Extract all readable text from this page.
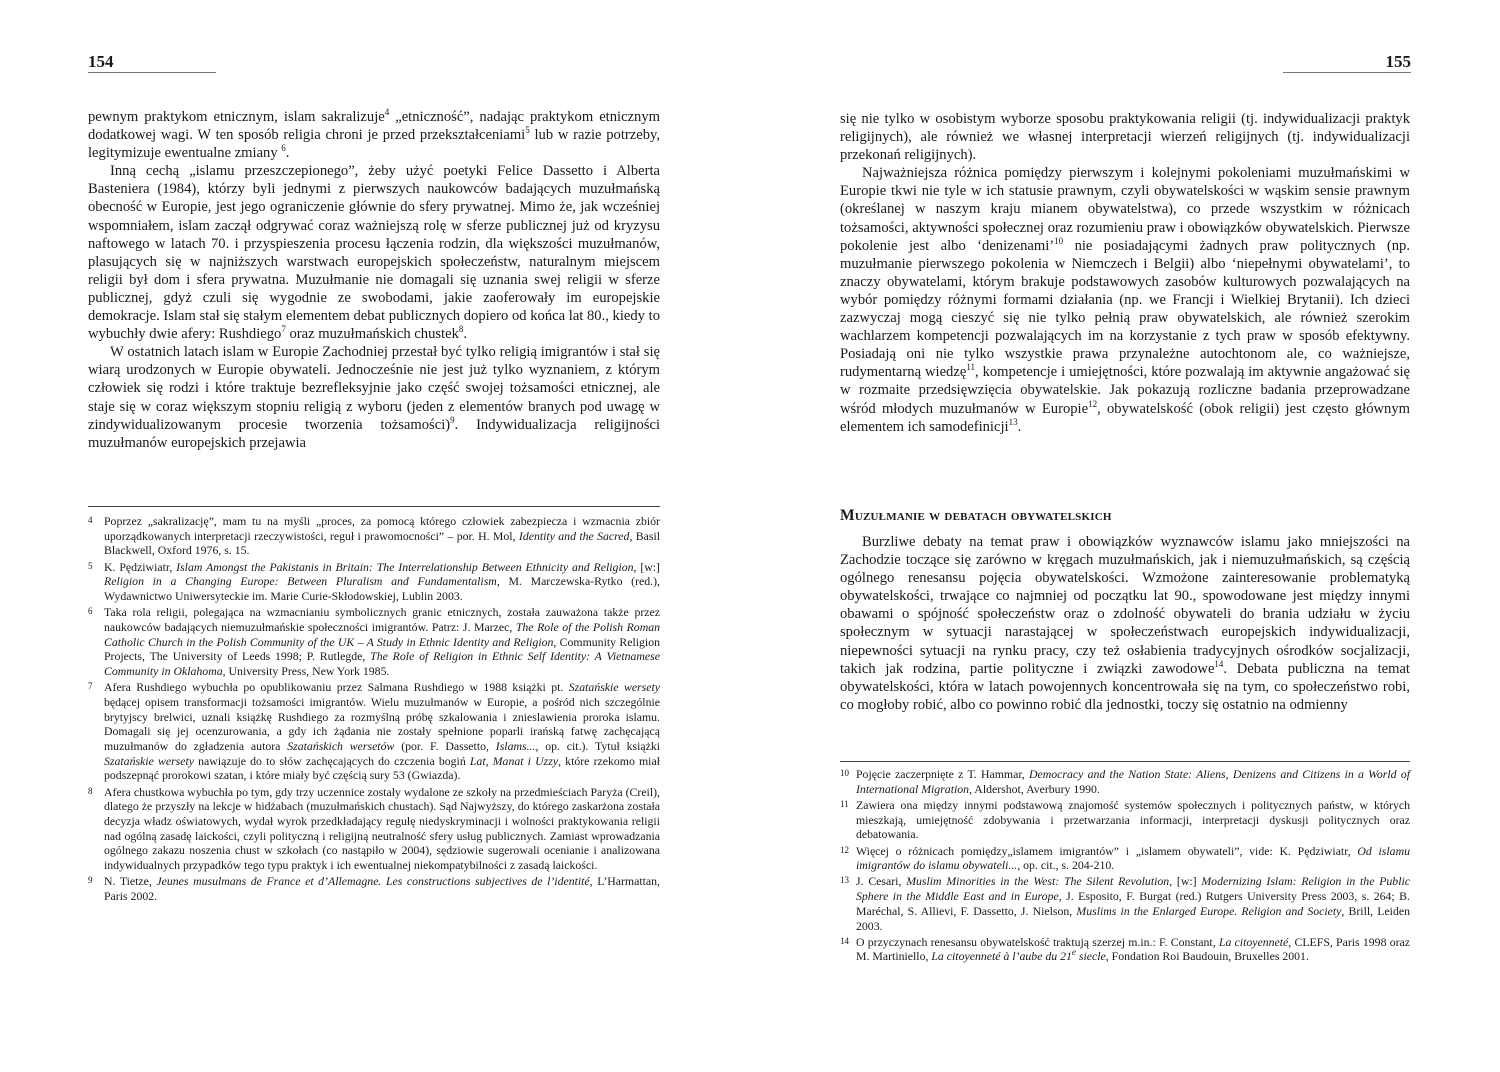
154

pewnym praktykom etnicznym, islam sakralizuje$^4$ „etniczność”, nadając praktykom etnicznym dodatkowej wagi. W ten sposób religia chroni je przed przekształceniami$^5$ lub w razie potrzeby, legitymizuje ewentualne zmiany $^6$.

Inną cechą „islamu przeszczepionego”, żeby użyć poetyki Felice Dassetto i Alberta Basteniera (1984), którzy byli jednymi z pierwszych naukowców badających muzułmańską obecność w Europie, jest jego ograniczenie głównie do sfery prywatnej. Mimo że, jak wcześniej wspomniałem, islam zaczął odgrywać coraz ważniejszą rolę w sferze publicznej już od kryzysu naftowego w latach 70. i przyspieszenia procesu łączenia rodzin, dla większości muzułmanów, plasujących się w najniższych warstwach europejskich społeczeństw, naturalnym miejscem religii był dom i sfera prywatna. Muzułmanie nie domagali się uznania swej religii w sferze publicznej, gdyż czuli się wygodnie ze swobodami, jakie zaoferowały im europejskie demokracje. Islam stał się stałym elementem debat publicznych dopiero od końca lat 80., kiedy to wybuchły dwie afery: Rushdiego$^7$ oraz muzułmańskich chustek$^8$.

W ostatnich latach islam w Europie Zachodniej przestał być tylko religią imigrantów i stał się wiarą urodzonych w Europie obywateli. Jednocześnie nie jest już tylko wyznaniem, z którym człowiek się rodzi i które traktuje bezrefleksyjnie jako część swojej tożsamości etnicznej, ale staje się w coraz większym stopniu religią z wyboru (jeden z elementów branych pod uwagę w zindywidualizowanym procesie tworzenia tożsamości)$^9$. Indywidualizacja religijności muzułmanów europejskich przejawia

4 Poprzez „sakralizację”, mam tu na myśli „proces, za pomocą którego człowiek zabezpiecza i wzmacnia zbiór uporządkowanych interpretacji rzeczywistości, reguł i prawomocności” – por. H. Mol, Identity and the Sacred, Basil Blackwell, Oxford 1976, s. 15.
5 K. Pędziwiatr, Islam Amongst the Pakistanis in Britain: The Interrelationship Between Ethnicity and Religion, [w:] Religion in a Changing Europe: Between Pluralism and Fundamentalism, M. Marczewska-Rytko (red.), Wydawnictwo Uniwersyteckie im. Marie Curie-Skłodowskiej, Lublin 2003.
6 Taka rola religii, polegająca na wzmacnianiu symbolicznych granic etnicznych, została zauważona także przez naukowców badających niemuzułmańskie społeczności imigrantów. Patrz: J. Marzec, The Role of the Polish Roman Catholic Church in the Polish Community of the UK – A Study in Ethnic Identity and Religion, Community Religion Projects, The University of Leeds 1998; P. Rutlegde, The Role of Religion in Ethnic Self Identity: A Vietnamese Community in Oklahoma, University Press, New York 1985.
7 Afera Rushdiego wybuchła po opublikowaniu przez Salmana Rushdiego w 1988 książki pt. Szatańskie wersety będącej opisem transformacji tożsamości imigrantów. Wielu muzułmanów w Europie, a pośród nich szczególnie brytyjscy brelwici, uznali książkę Rushdiego za rozmyślną próbę szkalowania i znieslawienia proroka islamu. Domagali się jej ocenzurowania, a gdy ich żądania nie zostały spełnione poparli irańską fatwę zachęcającą muzułmanów do zgładzenia autora Szatańskich wersetów (por. F. Dassetto, Islams..., op. cit.). Tytuł książki Szatańskie wersety nawiązuje do to słów zachęcających do czczenia bogiń Lat, Manat i Uzzy, które rzekomo miał podszepnąć prorokowi szatan, i które miały być częścią sury 53 (Gwiazda).
8 Afera chustkowa wybuchła po tym, gdy trzy uczennice zostały wydalone ze szkoły na przedmieściach Paryża (Creil), dlatego że przyszły na lekcje w hidżabach (muzułmańskich chustach). Sąd Najwyższy, do którego zaskarżona została decyzja władz oświatowych, wydał wyrok przedkładający regułę niedyskryminacji i wolności praktykowania religii nad ogólną zasadę laickości, czyli polityczną i religijną neutralność sfery usług publicznych. Zamiast wprowadzania ogólnego zakazu noszenia chust w szkołach (co nastąpiło w 2004), sędziowie sugerowali ocenianie i analizowana indywidualnych przypadków tego typu praktyk i ich ewentualnej niekompatybilności z zasadą laickości.
9 N. Tietze, Jeunes musulmans de France et d’Allemagne. Les constructions subjectives de l’identité, L’Harmattan, Paris 2002.
155

się nie tylko w osobistym wyborze sposobu praktykowania religii (tj. indywidualizacji praktyk religijnych), ale również we własnej interpretacji wierzeń religijnych (tj. indywidualizacji przekonań religijnych).

Najważniejsza różnica pomiędzy pierwszym i kolejnymi pokoleniami muzułmańskimi w Europie tkwi nie tyle w ich statusie prawnym, czyli obywatelskości w wąskim sensie prawnym (określanej w naszym kraju mianem obywatelstwa), co przede wszystkim w różnicach tożsamości, aktywności społecznej oraz rozumieniu praw i obowiązków obywatelskich. Pierwsze pokolenie jest albo ‘denizenami’$^{10}$ nie posiadającymi żadnych praw politycznych (np. muzułmanie pierwszego pokolenia w Niemczech i Belgii) albo ‘niepełnymi obywatelami’, to znaczy obywatelami, którym brakuje podstawowych zasobów kulturowych pozwalających na wybór pomiędzy różnymi formami działania (np. we Francji i Wielkiej Brytanii). Ich dzieci zazwyczaj mogą cieszyć się nie tylko pełnią praw obywatelskich, ale również szerokim wachlarzem kompetencji pozwalających im na korzystanie z tych praw w sposób efektywny. Posiadają oni nie tylko wszystkie prawa przynależne autochtonom ale, co ważniejsze, rudymentarną wiedzę$^{11}$, kompetencje i umiejętności, które pozwalają im aktywnie angażować się w rozmaite przedsięwzięcia obywatelskie. Jak pokazują rozliczne badania przeprowadzane wśród młodych muzułmanów w Europie$^{12}$, obywatelskość (obok religii) jest często głównym elementem ich samodefinicji$^{13}$.

Muzułmanie w debatach obywatelskich

Burzliwe debaty na temat praw i obowiązków wyznawców islamu jako mniejszości na Zachodzie toczące się zarówno w kręgach muzułmańskich, jak i niemuzułmańskich, są częścią ogólnego renesansu pojęcia obywatelskości. Wzmożone zainteresowanie problematyką obywatelskości, trwające co najmniej od początku lat 90., spowodowane jest między innymi obawami o spójność społeczeństw oraz o zdolność obywateli do brania udziału w życiu społecznym w sytuacji narastającej w społeczeństwach europejskich indywidualizacji, niepewności sytuacji na rynku pracy, czy też osłabienia tradycyjnych ośrodków socjalizacji, takich jak rodzina, partie polityczne i związki zawodowe$^{14}$. Debata publiczna na temat obywatelskości, która w latach powojennych koncentrowała się na tym, co społeczeństwo robi, co mogłoby robić, albo co powinno robić dla jednostki, toczy się ostatnio na odmienny

10 Pojęcie zaczerpnięte z T. Hammar, Democracy and the Nation State: Aliens, Denizens and Citizens in a World of International Migration, Aldershot, Averbury 1990.
11 Zawiera ona między innymi podstawową znajomość systemów społecznych i politycznych państw, w których mieszkają, umiejętność zdobywania i przetwarzania informacji, interpretacji dyskusji politycznych oraz debatowania.
12 Więcej o różnicach pomiędzy„islamem imigrantów” i „islamem obywateli”, vide: K. Pędziwiatr, Od islamu imigrantów do islamu obywateli..., op. cit., s. 204-210.
13 J. Cesari, Muslim Minorities in the West: The Silent Revolution, [w:] Modernizing Islam: Religion in the Public Sphere in the Middle East and in Europe, J. Esposito, F. Burgat (red.) Rutgers University Press 2003, s. 264; B. Maréchal, S. Allievi, F. Dassetto, J. Nielson, Muslims in the Enlarged Europe. Religion and Society, Brill, Leiden 2003.
14 O przyczynach renesansu obywatelskość traktują szerzej m.in.: F. Constant, La citoyenneté, CLEFS, Paris 1998 oraz M. Martiniello, La citoyenneté à l’aube du 21e siecle, Fondation Roi Baudouin, Bruxelles 2001.
